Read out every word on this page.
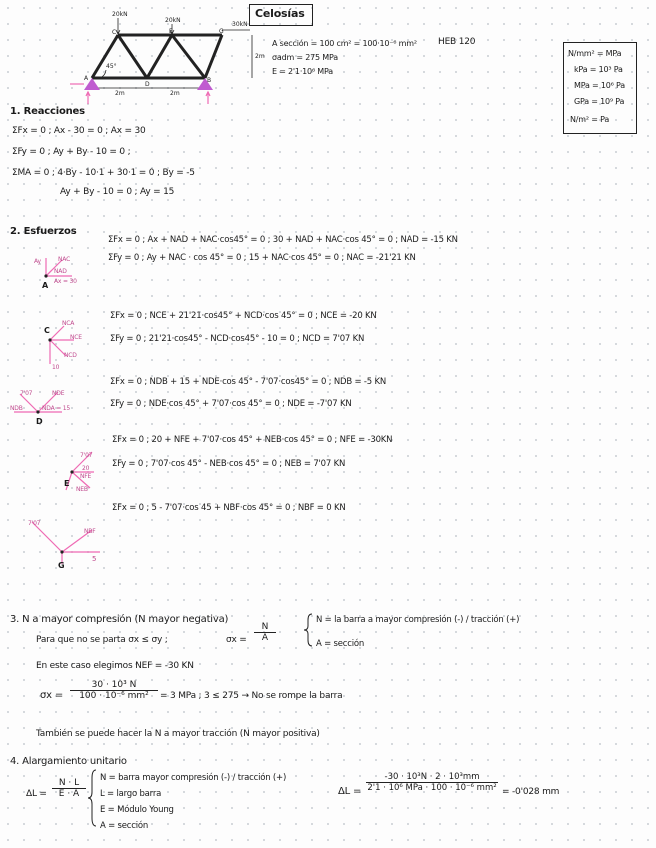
Celosías
C	E	G
A
D
B
20kN
20kN
30kN
45°
2m	2m
2m
Ay	NAC
NAD
Ax = 30
A
C
NCE
NCA
NCD
10
7'07	NDE
NDA = 15
NDB
D
7'07
20
NFE
NEB
E
7'07
NBF
5
G
A sección = 100 cm² = 100·10⁻⁶ mm²
σadm = 275 MPa
E = 2'1·10⁶ MPa
HEB 120
N/mm² = MPa
kPa = 10³ Pa
MPa = 10⁶ Pa
GPa = 10⁹ Pa
N/m² = Pa
1. Reacciones
ΣFx = 0 ; Ax - 30 = 0 ; Ax = 30
ΣFy = 0 ; Ay + By - 10 = 0 ;
ΣMA = 0 ; 4·By - 10·1 + 30·1 = 0 ; By = -5
Ay + By - 10 = 0 ; Ay = 15
2. Esfuerzos
ΣFx = 0 ; Ax + NAD + NAC·cos45° = 0 ; 30 + NAD + NAC·cos 45° = 0 ; NAD = -15 KN
ΣFy = 0 ; Ay + NAC · cos 45° = 0 ; 15 + NAC·cos 45° = 0 ; NAC = -21'21 KN
ΣFx = 0 ; NCE + 21'21·cos45° + NCD·cos 45° = 0 ; NCE = -20 KN
ΣFy = 0 ; 21'21·cos45° - NCD·cos45° - 10 = 0 ; NCD = 7'07 KN
ΣFx = 0 ; NDB + 15 + NDE·cos 45° - 7'07·cos45° = 0 ; NDB = -5 KN
ΣFy = 0 ; NDE·cos 45° + 7'07·cos 45° = 0 ; NDE = -7'07 KN
ΣFx = 0 ; 20 + NFE + 7'07·cos 45° + NEB·cos 45° = 0 ; NFE = -30KN
ΣFy = 0 ; 7'07·cos 45° - NEB·cos 45° = 0 ; NEB = 7'07 KN
ΣFx = 0 ; 5 - 7'07·cos 45 + NBF·cos 45° = 0 ; NBF = 0 KN
3. N a mayor compresión (N mayor negativa)
Para que no se parta σx ≤ σy ;	$\sigma x = \frac{N}{A}$
N = la barra a mayor compresión (-) / tracción (+)
A = sección
En este caso elegimos NEF = -30 KN
$\sigma x = \frac{\text{30 · 10³ N}}{\text{100 · 10⁻⁶ mm²}} = 3$ MPa ; 3 ≤ 275 → No se rompe la barra
También se puede hacer la N a mayor tracción (N mayor positiva)
4. Alargamiento unitario
$\Delta L = \frac{N \cdot L}{E \cdot A}$ N = barra mayor compresión (-) / tracción (+)
L = largo barra
E = Módulo Young
A = sección
ΔL =
-30 · 10³N · 2 · 10³mm
2'1 · 10⁶ MPa · 100 · 10⁻⁶ mm² = -0'028 mm
